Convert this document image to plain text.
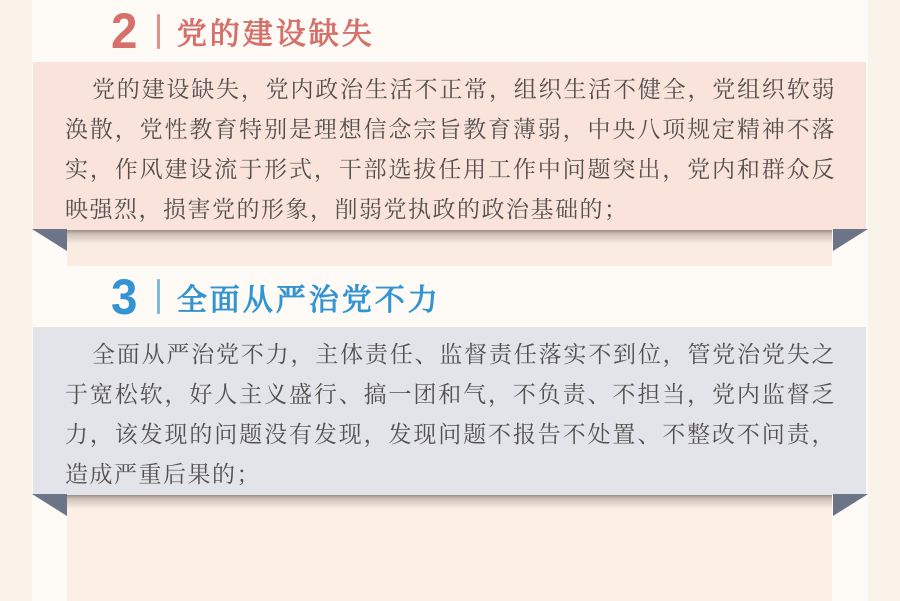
2 党的建设缺失

党的建设缺失，党内政治生活不正常，组织生活不健全，党组织软弱涣散，党性教育特别是理想信念宗旨教育薄弱，中央八项规定精神不落实，作风建设流于形式，干部选拔任用工作中问题突出，党内和群众反映强烈，损害党的形象，削弱党执政的政治基础的；

3 全面从严治党不力

全面从严治党不力，主体责任、监督责任落实不到位，管党治党失之于宽松软，好人主义盛行、搞一团和气，不负责、不担当，党内监督乏力，该发现的问题没有发现，发现问题不报告不处置、不整改不问责，造成严重后果的；
